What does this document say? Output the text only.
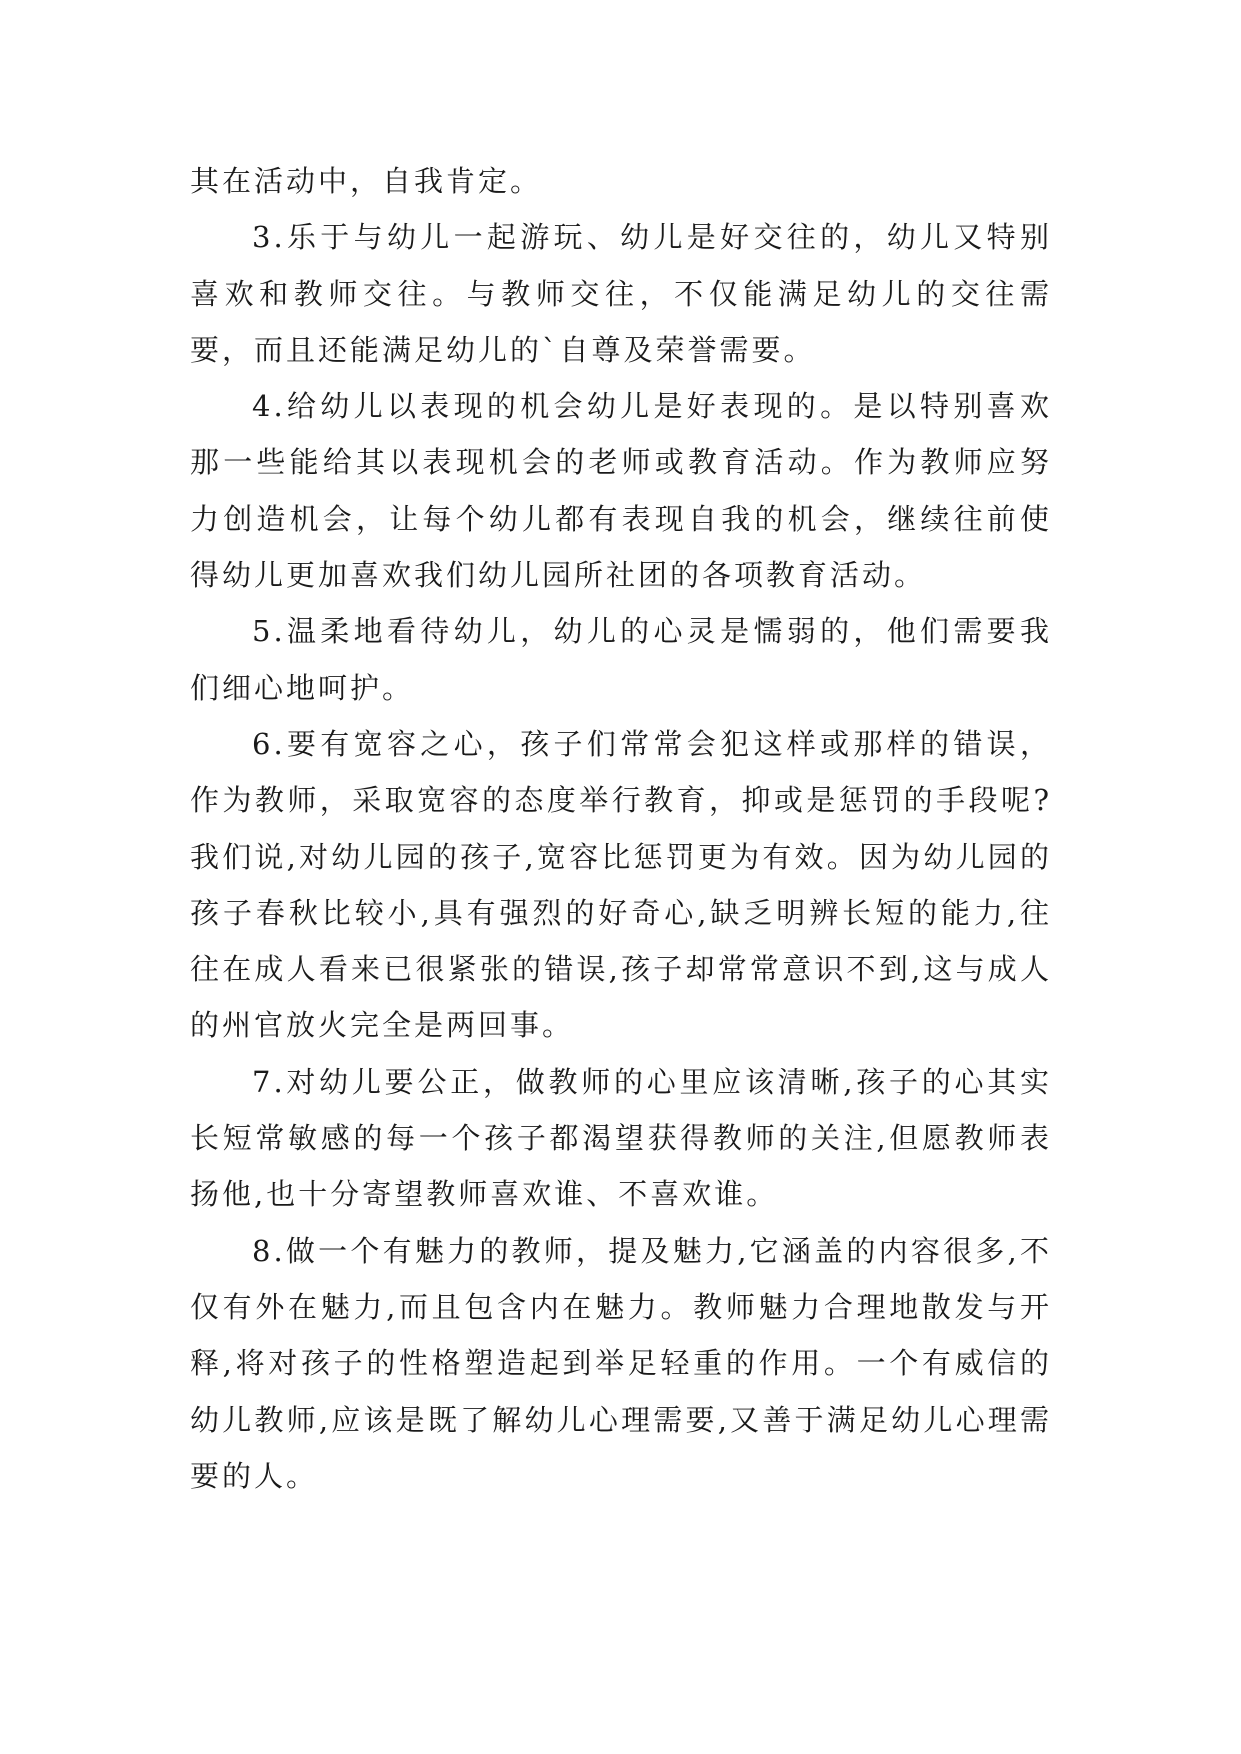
其在活动中，自我肯定。

3.乐于与幼儿一起游玩、幼儿是好交往的，幼儿又特别喜欢和教师交往。与教师交往，不仅能满足幼儿的交往需要，而且还能满足幼儿的`自尊及荣誉需要。

4.给幼儿以表现的机会幼儿是好表现的。是以特别喜欢那一些能给其以表现机会的老师或教育活动。作为教师应努力创造机会，让每个幼儿都有表现自我的机会，继续往前使得幼儿更加喜欢我们幼儿园所社团的各项教育活动。

5.温柔地看待幼儿，幼儿的心灵是懦弱的，他们需要我们细心地呵护。

6.要有宽容之心，孩子们常常会犯这样或那样的错误，作为教师，采取宽容的态度举行教育，抑或是惩罚的手段呢?我们说,对幼儿园的孩子,宽容比惩罚更为有效。因为幼儿园的孩子春秋比较小,具有强烈的好奇心,缺乏明辨长短的能力,往往在成人看来已很紧张的错误,孩子却常常意识不到,这与成人的州官放火完全是两回事。

7.对幼儿要公正，做教师的心里应该清晰,孩子的心其实长短常敏感的每一个孩子都渴望获得教师的关注,但愿教师表扬他,也十分寄望教师喜欢谁、不喜欢谁。

8.做一个有魅力的教师，提及魅力,它涵盖的内容很多,不仅有外在魅力,而且包含内在魅力。教师魅力合理地散发与开释,将对孩子的性格塑造起到举足轻重的作用。一个有威信的幼儿教师,应该是既了解幼儿心理需要,又善于满足幼儿心理需要的人。
